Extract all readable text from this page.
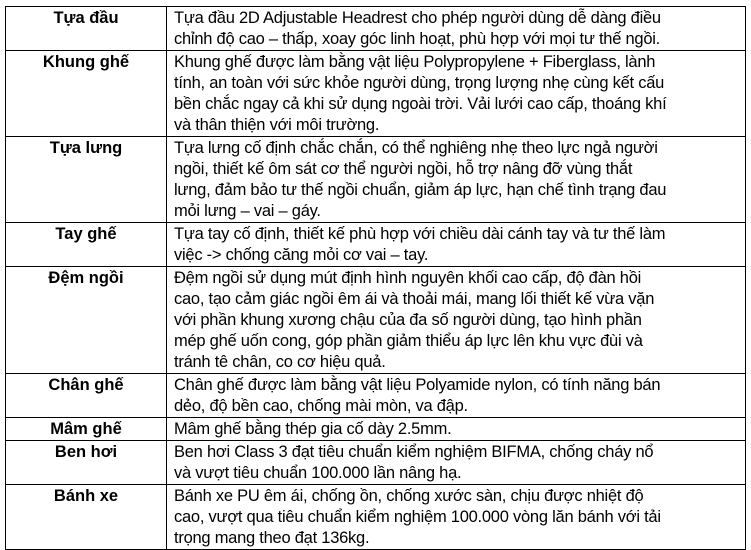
Tựa đầu	Tựa đầu 2D Adjustable Headrest cho phép người dùng dễ dàng điều
chỉnh độ cao – thấp, xoay góc linh hoạt, phù hợp với mọi tư thế ngồi.

Khung ghế	Khung ghế được làm bằng vật liệu Polypropylene + Fiberglass, lành
tính, an toàn với sức khỏe người dùng, trọng lượng nhẹ cùng kết cấu
bền chắc ngay cả khi sử dụng ngoài trời. Vải lưới cao cấp, thoáng khí
và thân thiện với môi trường.

Tựa lưng	Tựa lưng cố định chắc chắn, có thể nghiêng nhẹ theo lực ngả người
ngồi, thiết kế ôm sát cơ thể người ngồi, hỗ trợ nâng đỡ vùng thắt
lưng, đảm bảo tư thế ngồi chuẩn, giảm áp lực, hạn chế tình trạng đau
mỏi lưng – vai – gáy.

Tay ghế	Tựa tay cố định, thiết kế phù hợp với chiều dài cánh tay và tư thế làm
việc -> chống căng mỏi cơ vai – tay.

Đệm ngồi	Đệm ngồi sử dụng mút định hình nguyên khối cao cấp, độ đàn hồi
cao, tạo cảm giác ngồi êm ái và thoải mái, mang lối thiết kế vừa vặn
với phần khung xương chậu của đa số người dùng, tạo hình phần
mép ghế uốn cong, góp phần giảm thiểu áp lực lên khu vực đùi và
tránh tê chân, co cơ hiệu quả.

Chân ghế	Chân ghế được làm bằng vật liệu Polyamide nylon, có tính năng bán
dẻo, độ bền cao, chống mài mòn, va đập.

Mâm ghế	Mâm ghế bằng thép gia cố dày 2.5mm.

Ben hơi	Ben hơi Class 3 đạt tiêu chuẩn kiểm nghiệm BIFMA, chống cháy nổ
và vượt tiêu chuẩn 100.000 lần nâng hạ.

Bánh xe	Bánh xe PU êm ái, chống ồn, chống xước sàn, chịu được nhiệt độ
cao, vượt qua tiêu chuẩn kiểm nghiệm 100.000 vòng lăn bánh với tải
trọng mang theo đạt 136kg.
